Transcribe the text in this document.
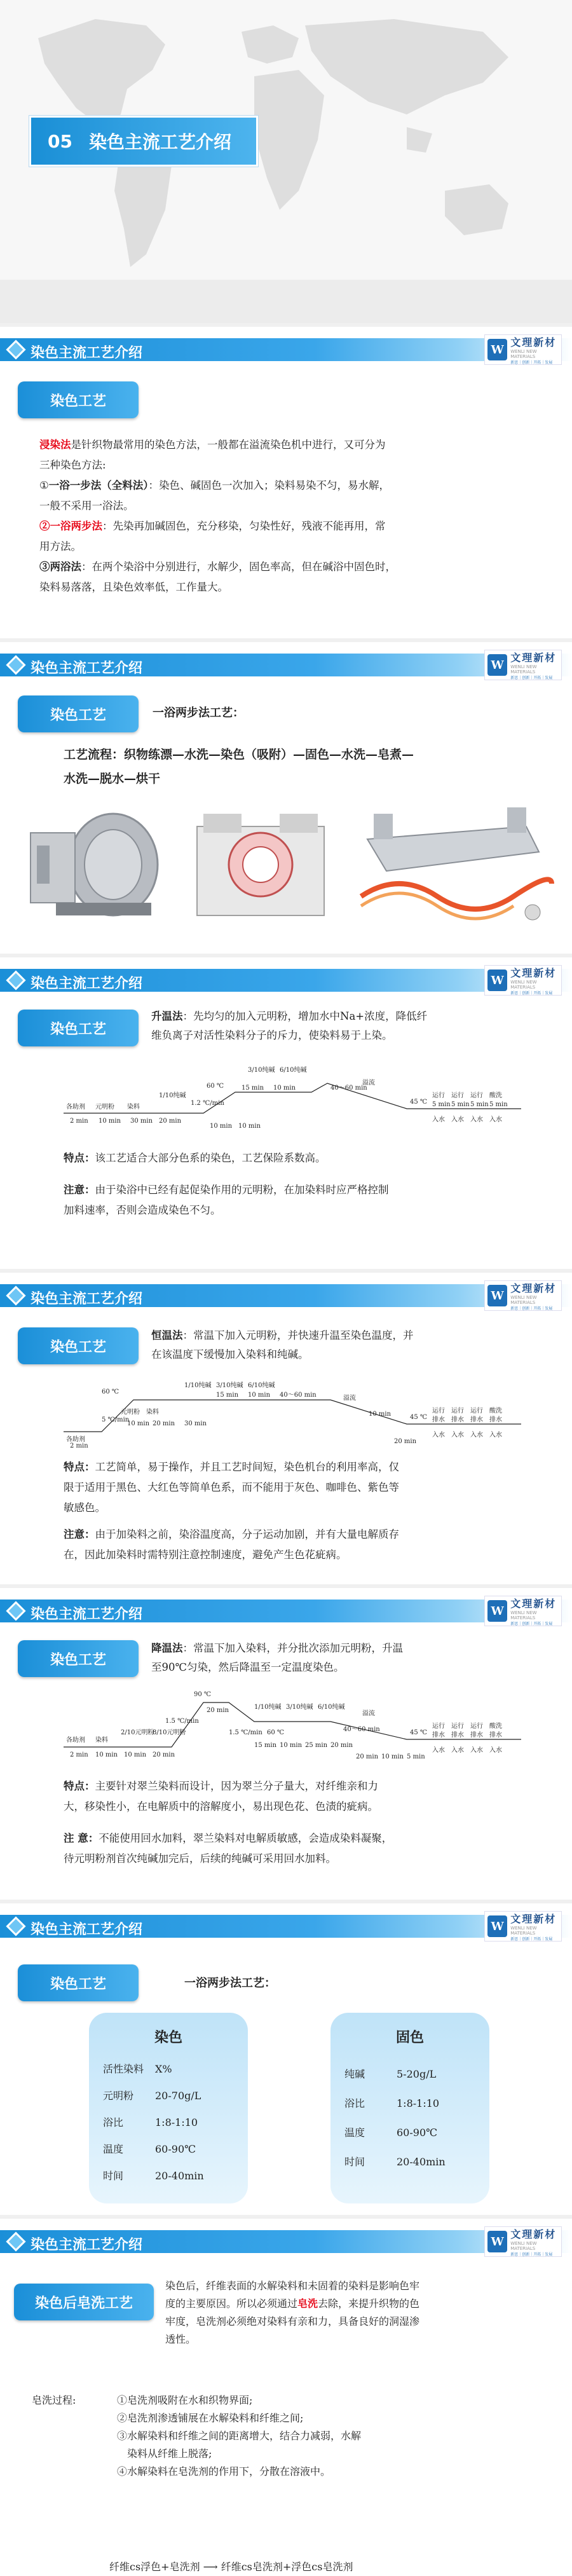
05 染色主流工艺介绍
染色主流工艺介绍	W
文理新材
WENLI NEW MATERIALS
新思｜创新｜开拓｜发展
染色工艺
浸染法是针织物最常用的染色方法，一般都在溢流染色机中进行，又可分为
三种染色方法:
①一浴一步法（全料法）：染色、碱固色一次加入；染料易染不匀，易水解，
一般不采用一浴法。
②一浴两步法：先染再加碱固色，充分移染，匀染性好，残液不能再用，常
用方法。
③两浴法：在两个染浴中分别进行，水解少，固色率高，但在碱浴中固色时，
染料易落落，且染色效率低，工作量大。
染色主流工艺介绍	W
文理新材
WENLI NEW MATERIALS
新思｜创新｜开拓｜发展
染色工艺	一浴两步法工艺：
工艺流程：织物练漂—水洗—染色（吸附）—固色—水洗—皂煮—
水洗—脱水—烘干
染色主流工艺介绍	W
文理新材
WENLI NEW MATERIALS
新思｜创新｜开拓｜发展
染色工艺
升温法：先均匀的加入元明粉，增加水中Na+浓度，降低纤
维负离子对活性染料分子的斥力，使染料易于上染。
各助剂 元明粉 染料
1/10纯碱
3/10纯碱 6/10纯碱
溢流
2 min 10 min 30 min 20 min
15 min 10 min	40～60 min
60 ℃
1.2 ℃/min	45 ℃
运行 运行 运行 酸洗
5 min 5 min 5 min 5 min
入水 入水 入水 入水
10 min 10 min
特点：该工艺适合大部分色系的染色，工艺保险系数高。
注意：由于染浴中已经有起促染作用的元明粉，在加染料时应严格控制
加料速率，否则会造成染色不匀。
染色主流工艺介绍	W
文理新材
WENLI NEW MATERIALS
新思｜创新｜开拓｜发展
染色工艺
恒温法：常温下加入元明粉，并快速升温至染色温度，并
在该温度下缓慢加入染料和纯碱。
各助剂
60 ℃
元明粉 染料
1/10纯碱 3/10纯碱 6/10纯碱
溢流
5 ℃/min	45 ℃
2 min
10 min 20 min 30 min
15 min 10 min 40～60 min
运行 运行 运行 酸洗
排水 排水 排水 排水
入水 入水 入水 入水
10 min
20 min
特点：工艺简单，易于操作，并且工艺时间短，染色机台的利用率高，仅
限于适用于黑色、大红色等简单色系，而不能用于灰色、咖啡色、紫色等
敏感色。
注意：由于加染料之前，染浴温度高，分子运动加剧，并有大量电解质存
在，因此加染料时需特别注意控制速度，避免产生色花疵病。
染色主流工艺介绍	W
文理新材
WENLI NEW MATERIALS
新思｜创新｜开拓｜发展
染色工艺
降温法：常温下加入染料，并分批次添加元明粉，升温
至90℃匀染，然后降温至一定温度染色。
各助剂 染料
2/10元明粉
8/10元明粉
1/10纯碱 3/10纯碱 6/10纯碱
溢流
90 ℃
20 min
1.5 ℃/min
1.5 ℃/min 60 ℃	45 ℃
2 min 10 min 10 min 20 min
15 min 10 min 25 min 20 min
40～60 min	运行 运行 运行 酸洗
排水 排水 排水 排水
入水 入水 入水 入水
10 min 5 min
20 min
特点：主要针对翠兰染料而设计，因为翠兰分子量大，对纤维亲和力
大，移染性小，在电解质中的溶解度小，易出现色花、色渍的疵病。
注 意：不能使用回水加料，翠兰染料对电解质敏感，会造成染料凝聚，
待元明粉剂首次纯碱加完后，后续的纯碱可采用回水加料。
染色主流工艺介绍	W
文理新材
WENLI NEW MATERIALS
新思｜创新｜开拓｜发展
染色工艺	一浴两步法工艺：
染色
活性染料	X%
元明粉	20-70g/L
浴比	1:8-1:10
温度	60-90℃
时间	20-40min
固色
纯碱	5-20g/L
浴比	1:8-1:10
温度	60-90℃
时间	20-40min
染色主流工艺介绍	W
文理新材
WENLI NEW MATERIALS
新思｜创新｜开拓｜发展
染色后皂洗工艺
染色后，纤维表面的水解染料和未固着的染料是影响色牢
度的主要原因。所以必须通过皂洗去除，来提升织物的色
牢度，皂洗剂必须绝对染料有亲和力，具备良好的洞湿渗
透性。
皂洗过程:	①皂洗剂吸附在水和织物界面;
②皂洗剂渗透铺展在水解染料和纤维之间;
③水解染料和纤维之间的距离增大，结合力减弱，水解
染料从纤维上脱落;
④水解染料在皂洗剂的作用下，分散在溶液中。
纤维cs浮色+皂洗剂 ⟶ 纤维cs皂洗剂+浮色cs皂洗剂
